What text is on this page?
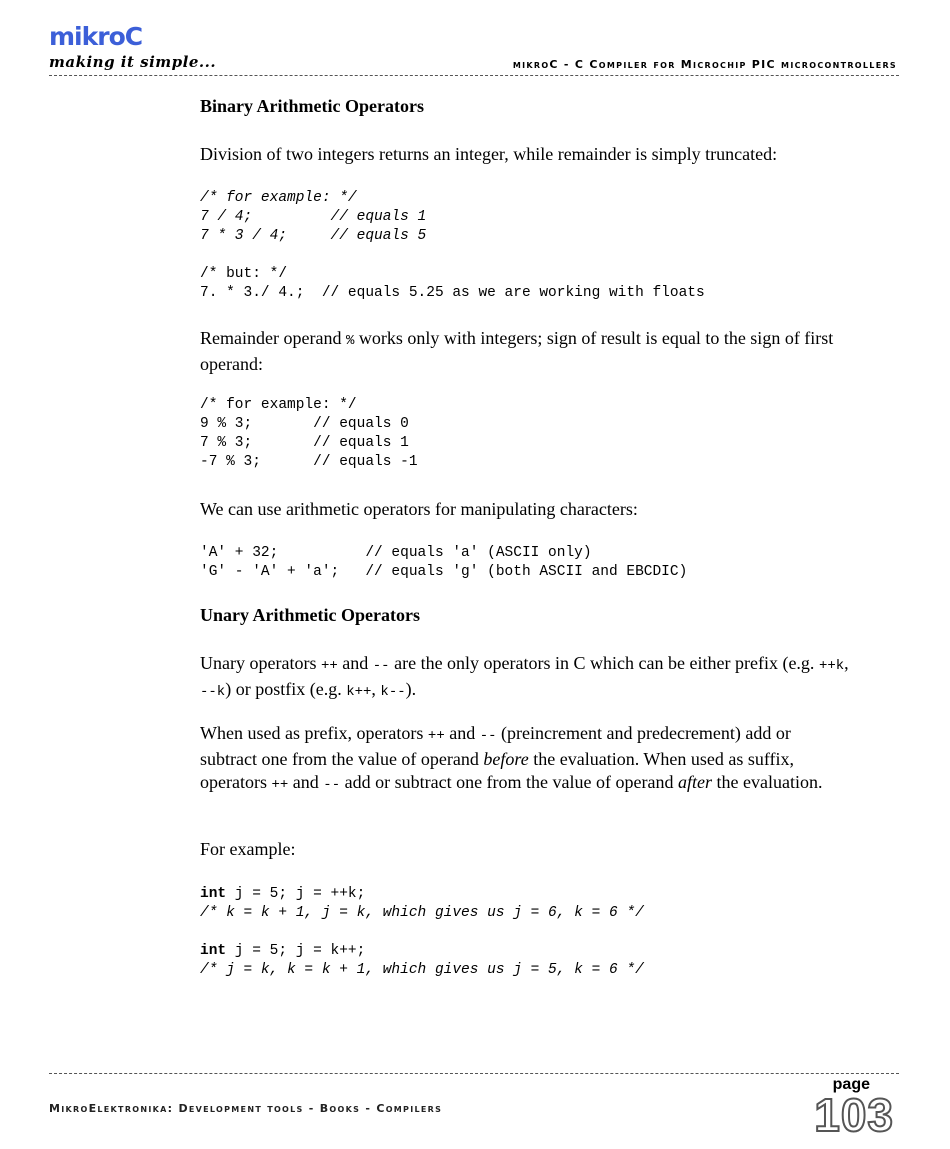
mikroC
making it simple...	mikroC - C Compiler for Microchip PIC microcontrollers
Binary Arithmetic Operators
Division of two integers returns an integer, while remainder is simply truncated:
/* for example: */
7 / 4;         // equals 1
7 * 3 / 4;     // equals 5
/* but: */
7. * 3./ 4.;  // equals 5.25 as we are working with floats
Remainder operand % works only with integers; sign of result is equal to the sign of first operand:
/* for example: */
9 % 3;       // equals 0
7 % 3;       // equals 1
-7 % 3;      // equals -1
We can use arithmetic operators for manipulating characters:
'A' + 32;          // equals 'a' (ASCII only)
'G' - 'A' + 'a';   // equals 'g' (both ASCII and EBCDIC)
Unary Arithmetic Operators
Unary operators ++ and -- are the only operators in C which can be either prefix (e.g. ++k, --k) or postfix (e.g. k++, k--).
When used as prefix, operators ++ and -- (preincrement and predecrement) add or subtract one from the value of operand before the evaluation. When used as suffix, operators ++ and -- add or subtract one from the value of operand after the evaluation.
For example:
int j = 5; j = ++k;
/* k = k + 1, j = k, which gives us j = 6, k = 6 */

int j = 5; j = k++;
/* j = k, k = k + 1, which gives us j = 5, k = 6 */
MikroElektronika: Development tools - Books - Compilers
page
103
